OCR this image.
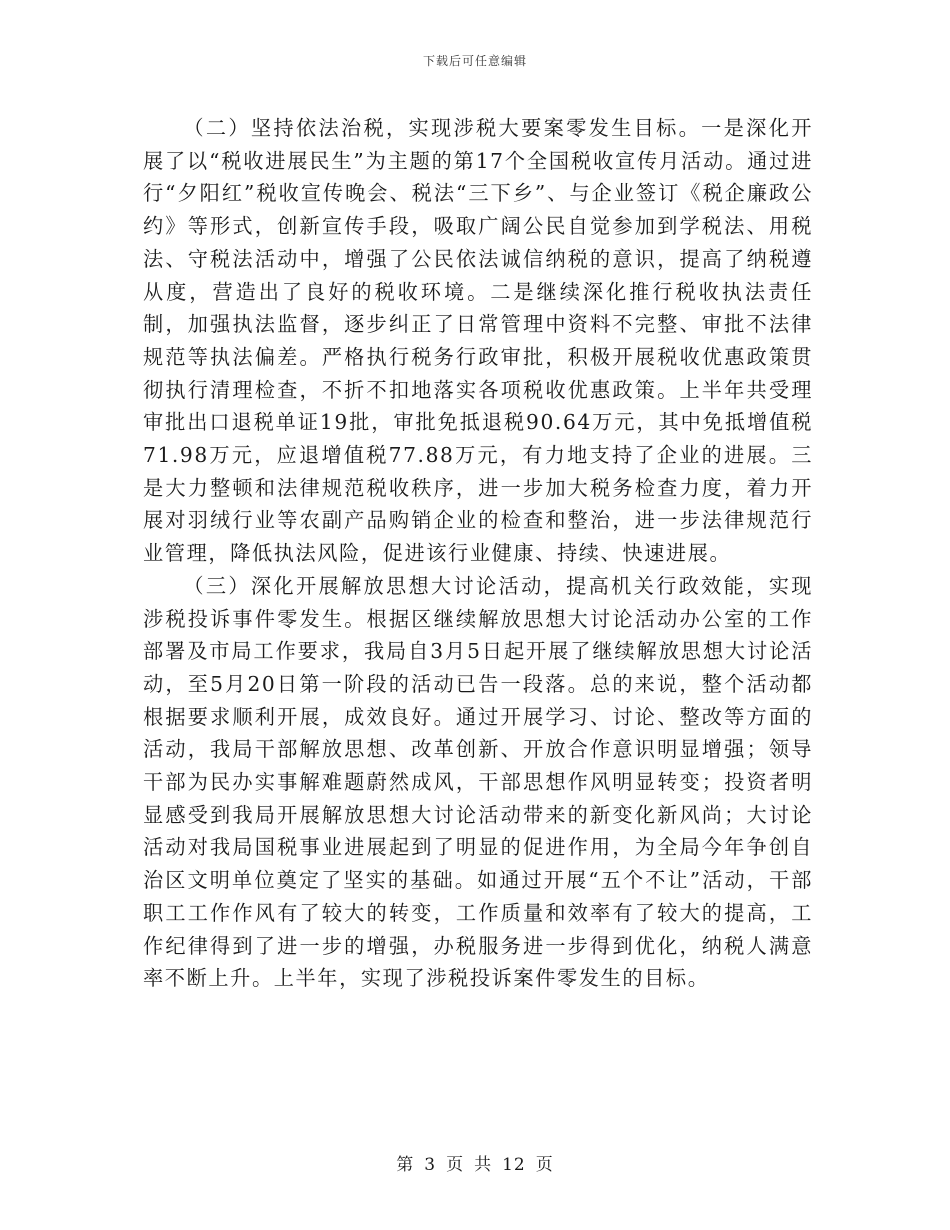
下载后可任意编辑

（二）坚持依法治税，实现涉税大要案零发生目标。一是深化开展了以“税收进展民生”为主题的第17个全国税收宣传月活动。通过进行“夕阳红”税收宣传晚会、税法“三下乡”、与企业签订《税企廉政公约》等形式，创新宣传手段，吸取广阔公民自觉参加到学税法、用税法、守税法活动中，增强了公民依法诚信纳税的意识，提高了纳税遵从度，营造出了良好的税收环境。二是继续深化推行税收执法责任制，加强执法监督，逐步纠正了日常管理中资料不完整、审批不法律规范等执法偏差。严格执行税务行政审批，积极开展税收优惠政策贯彻执行清理检查，不折不扣地落实各项税收优惠政策。上半年共受理审批出口退税单证19批，审批免抵退税90.64万元，其中免抵增值税71.98万元，应退增值税77.88万元，有力地支持了企业的进展。三是大力整顿和法律规范税收秩序，进一步加大税务检查力度，着力开展对羽绒行业等农副产品购销企业的检查和整治，进一步法律规范行业管理，降低执法风险，促进该行业健康、持续、快速进展。

（三）深化开展解放思想大讨论活动，提高机关行政效能，实现涉税投诉事件零发生。根据区继续解放思想大讨论活动办公室的工作部署及市局工作要求，我局自3月5日起开展了继续解放思想大讨论活动，至5月20日第一阶段的活动已告一段落。总的来说，整个活动都根据要求顺利开展，成效良好。通过开展学习、讨论、整改等方面的活动，我局干部解放思想、改革创新、开放合作意识明显增强；领导干部为民办实事解难题蔚然成风，干部思想作风明显转变；投资者明显感受到我局开展解放思想大讨论活动带来的新变化新风尚；大讨论活动对我局国税事业进展起到了明显的促进作用，为全局今年争创自治区文明单位奠定了坚实的基础。如通过开展“五个不让”活动，干部职工工作作风有了较大的转变，工作质量和效率有了较大的提高，工作纪律得到了进一步的增强，办税服务进一步得到优化，纳税人满意率不断上升。上半年，实现了涉税投诉案件零发生的目标。

第 3 页 共 12 页
